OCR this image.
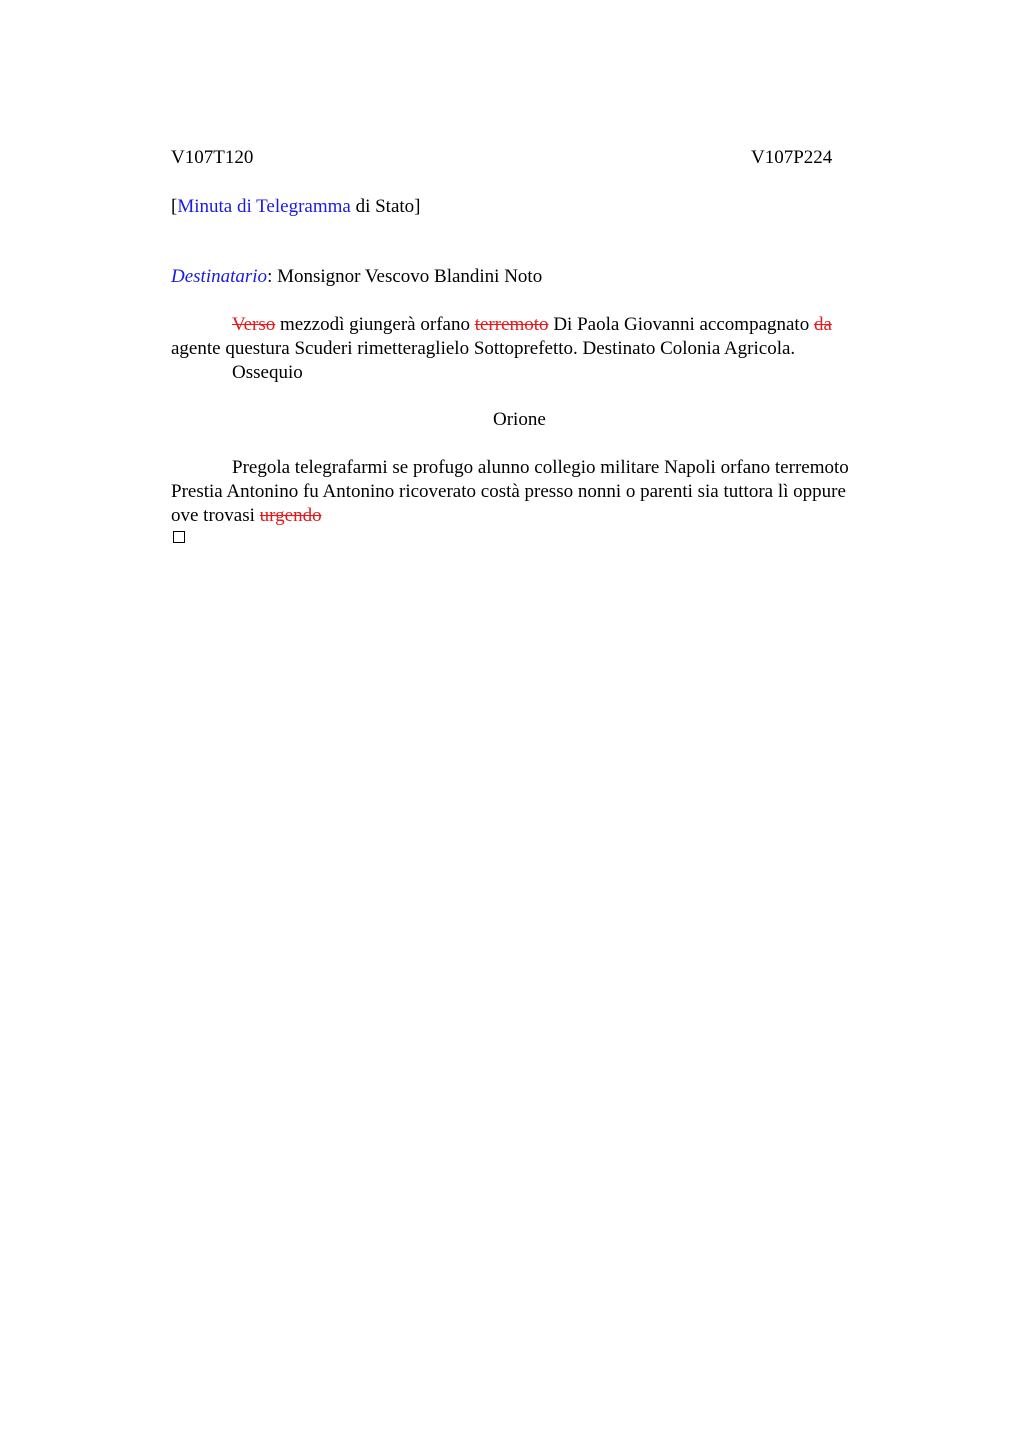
V107T120	V107P224
[Minuta di Telegramma di Stato]
Destinatario: Monsignor Vescovo Blandini Noto
Verso mezzodì giungerà orfano terremoto Di Paola Giovanni accompagnato da
agente questura Scuderi rimetteraglielo Sottoprefetto. Destinato Colonia Agricola.
Ossequio
Orione
Pregola telegrafarmi se profugo alunno collegio militare Napoli orfano terremoto
Prestia Antonino fu Antonino ricoverato costà presso nonni o parenti sia tuttora lì oppure
ove trovasi urgendo
